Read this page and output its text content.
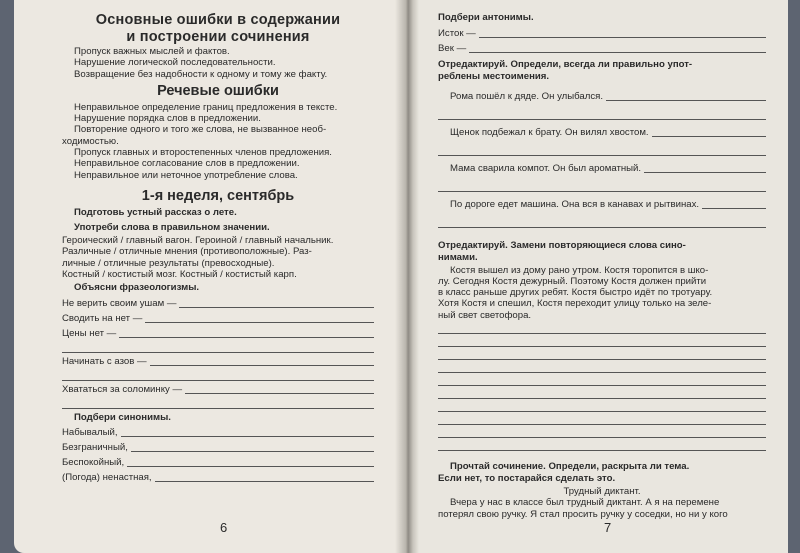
Основные ошибки в содержании
и построении сочинения
Пропуск важных мыслей и фактов.
Нарушение логической последовательности.
Возвращение без надобности к одному и тому же факту.
Речевые ошибки
Неправильное определение границ предложения в тексте.
Нарушение порядка слов в предложении.
Повторение одного и того же слова, не вызванное необ-
ходимостью.
Пропуск главных и второстепенных членов предложения.
Неправильное согласование слов в предложении.
Неправильное или неточное употребление слова.
1-я неделя, сентябрь
Подготовь устный рассказ о лете.
Употреби слова в правильном значении.
Героический / главный вагон. Героиной / главный начальник.
Различные / отличные мнения (противоположные). Раз-
личные / отличные результаты (превосходные).
Костный / костистый мозг. Костный / костистый карп.
Объясни фразеологизмы.
Не верить своим ушам —
Сводить на нет —
Цены нет —
Начинать с азов —
Хвататься за соломинку —
Подбери синонимы.
Набывалый,
Безграничный,
Беспокойный,
(Погода) ненастная,
6
Подбери антонимы.
Исток —
Век —
Отредактируй. Определи, всегда ли правильно упот-
реблены местоимения.
Рома пошёл к дяде. Он улыбался.
Щенок подбежал к брату. Он вилял хвостом.
Мама сварила компот. Он был ароматный.
По дороге едет машина. Она вся в канавах и рытвинах.
Отредактируй. Замени повторяющиеся слова сино-
нимами.
Костя вышел из дому рано утром. Костя торопится в шко-
лу. Сегодня Костя дежурный. Поэтому Костя должен прийти
в класс раньше других ребят. Костя быстро идёт по тротуару.
Хотя Костя и спешил, Костя переходит улицу только на зеле-
ный свет светофора.
Прочтай сочинение. Определи, раскрыта ли тема.
Если нет, то постарайся сделать это.
Трудный диктант.
Вчера у нас в классе был трудный диктант. А я на перемене
потерял свою ручку. Я стал просить ручку у соседки, но ни у кого
7
